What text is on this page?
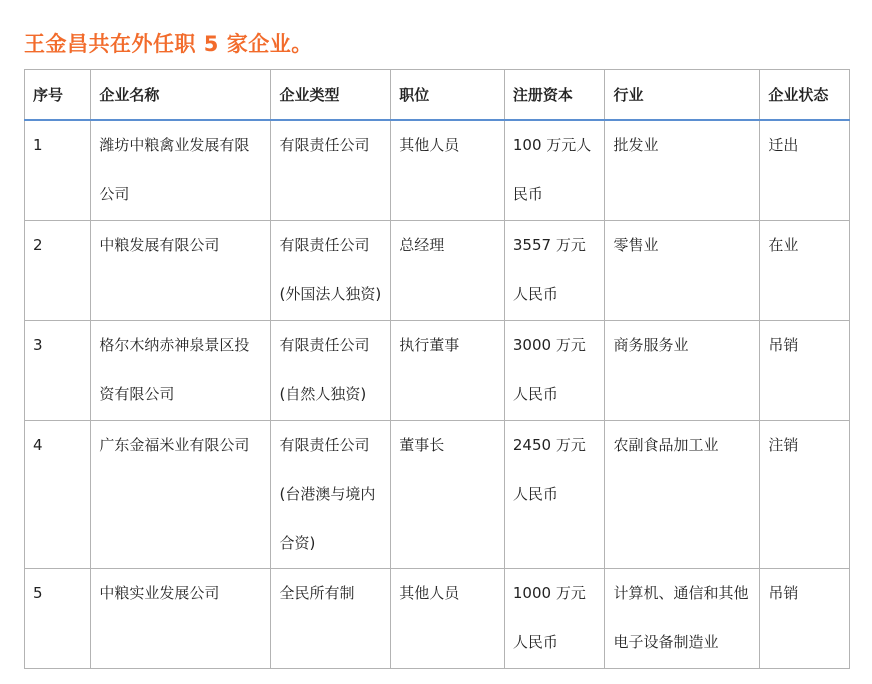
王金昌共在外任职 5 家企业。
序号	企业名称	企业类型	职位	注册资本	行业	企业状态

1	潍坊中粮禽业发展有限公司	有限责任公司	其他人员	100 万元人民币	批发业	迁出

2	中粮发展有限公司	有限责任公司(外国法人独资)	总经理	3557 万元人民币	零售业	在业

3	格尔木纳赤神泉景区投资有限公司	有限责任公司(自然人独资)	执行董事	3000 万元人民币	商务服务业	吊销

4	广东金福米业有限公司	有限责任公司(台港澳与境内合资)	董事长	2450 万元人民币	农副食品加工业	注销

5	中粮实业发展公司	全民所有制	其他人员	1000 万元人民币	计算机、通信和其他电子设备制造业	吊销
